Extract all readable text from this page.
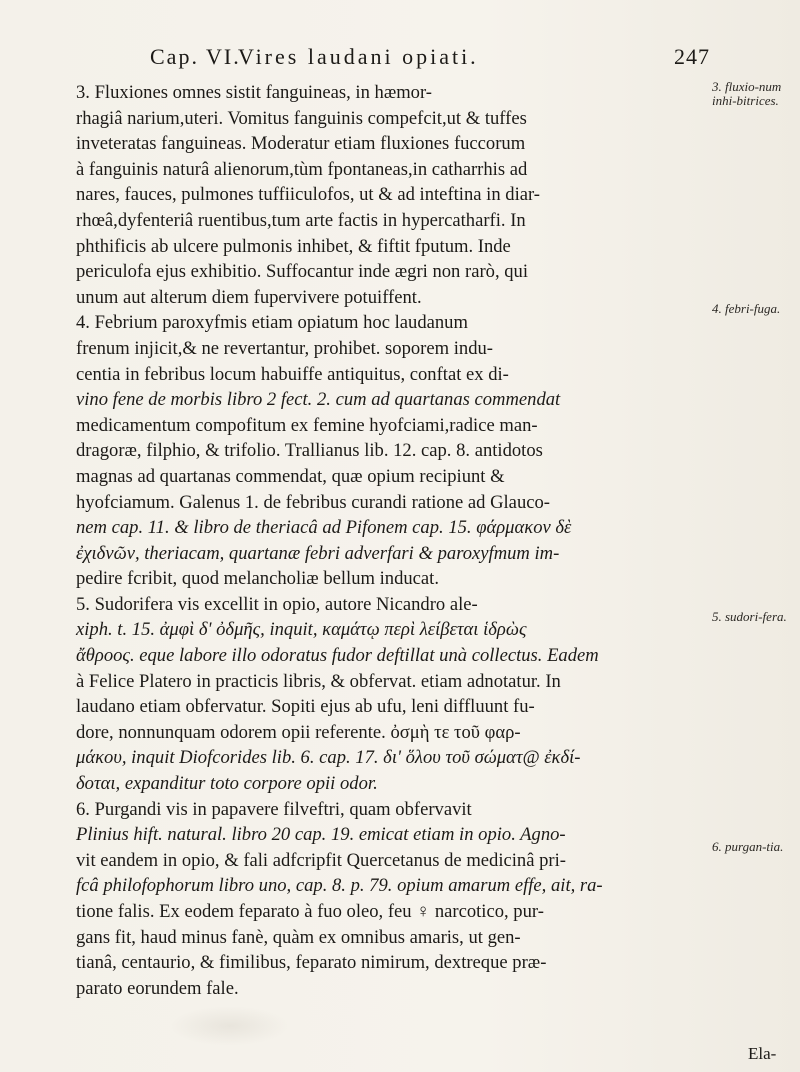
Cap. VI.
Vires laudani opiati.	247

3. Fluxiones omnes sistit fanguineas, in hæmor-
rhagiâ narium,uteri. Vomitus fanguinis compefcit,ut & tuffes
inveteratas fanguineas. Moderatur etiam fluxiones fuccorum
à fanguinis naturâ alienorum,tùm fpontaneas,in catharrhis ad
nares, fauces, pulmones tuffiiculofos, ut & ad inteftina in diar-
rhœâ,dyfenteriâ ruentibus,tum arte factis in hypercatharfi. In
phthificis ab ulcere pulmonis inhibet, & fiftit fputum. Inde
periculofa ejus exhibitio. Suffocantur inde ægri non rarò, qui
unum aut alterum diem fupervivere potuiffent.

4. Febrium paroxyfmis etiam opiatum hoc laudanum
frenum injicit,& ne revertantur, prohibet. soporem indu-
centia in febribus locum habuiffe antiquitus, conftat ex di-
vino fene de morbis libro 2 fect. 2. cum ad quartanas commendat
medicamentum compofitum ex femine hyofciami,radice man-
dragoræ, filphio, & trifolio. Trallianus lib. 12. cap. 8. antidotos
magnas ad quartanas commendat, quæ opium recipiunt &
hyofciamum. Galenus 1. de febribus curandi ratione ad Glauco-
nem cap. 11. & libro de theriacâ ad Pifonem cap. 15. φάρμακον δὲ
ἐχιδνῶν, theriacam, quartanæ febri adverfari & paroxyfmum im-
pedire fcribit, quod melancholiæ bellum inducat.

5. Sudorifera vis excellit in opio, autore Nicandro ale-
xiph. t. 15. ἀμφὶ δ' ὀδμῆς, inquit, καμάτῳ περὶ λείβεται ἱδρὼς
ἄθροος. eque labore illo odoratus fudor deftillat unà collectus. Eadem
à Felice Platero in practicis libris, & obfervat. etiam adnotatur. In
laudano etiam obfervatur. Sopiti ejus ab ufu, leni diffluunt fu-
dore, nonnunquam odorem opii referente. ὀσμὴ τε τοῦ φαρ-
μάκου, inquit Diofcorides lib. 6. cap. 17. δι' ὅλου τοῦ σώματ@ ἐκδί-
δοται, expanditur toto corpore opii odor.

6. Purgandi vis in papavere filveftri, quam obfervavit
Plinius hift. natural. libro 20 cap. 19. emicat etiam in opio. Agno-
vit eandem in opio, & fali adfcripfit Quercetanus de medicinâ pri-
fcâ philofophorum libro uno, cap. 8. p. 79. opium amarum effe, ait, ra-
tione falis. Ex eodem feparato à fuo oleo, feu ♀ narcotico, pur-
gans fit, haud minus fanè, quàm ex omnibus amaris, ut gen-
tianâ, centaurio, & fimilibus, feparato nimirum, dextreque præ-
parato eorundem fale.

3. fluxio-num inhi-bitrices.
4. febri-fuga.
5. sudori-fera.
6. purgan-tia.
Ela-
